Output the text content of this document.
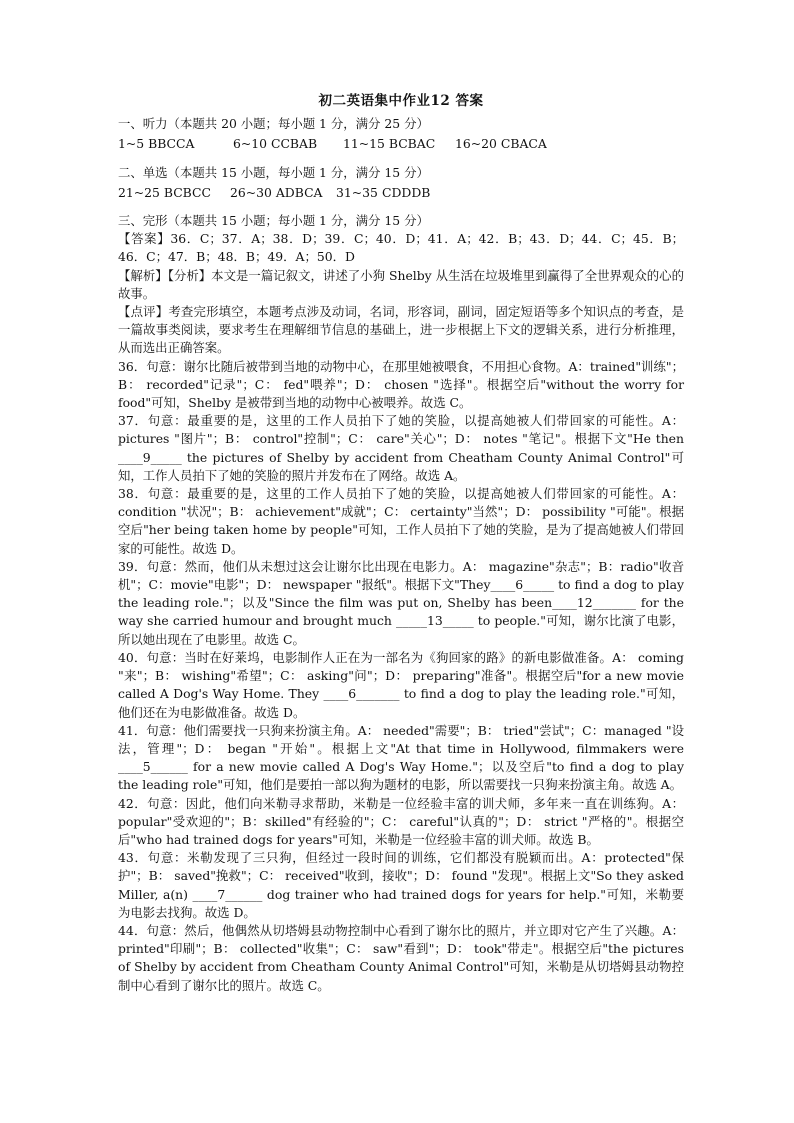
初二英语集中作业12 答案
一、听力（本题共 20 小题；每小题 1 分，满分 25 分）
1~5 BBCCA	6~10 CCBAB	11~15 BCBAC	16~20 CBACA
二、单选（本题共 15 小题，每小题 1 分，满分 15 分）
21~25 BCBCC	26~30 ADBCA	31~35 CDDDB
三、完形（本题共 15 小题；每小题 1 分，满分 15 分）

【答案】36．C；37．A；38．D；39．C；40．D；41．A；42．B；43．D；44．C；45．B；46．C；47．B；48．B；49．A；50．D

【解析】【分析】本文是一篇记叙文，讲述了小狗 Shelby 从生活在垃圾堆里到赢得了全世界观众的心的故事。

【点评】考查完形填空，本题考点涉及动词，名词，形容词，副词，固定短语等多个知识点的考查，是一篇故事类阅读，要求考生在理解细节信息的基础上，进一步根据上下文的逻辑关系，进行分析推理，从而选出正确答案。

36．句意：谢尔比随后被带到当地的动物中心，在那里她被喂食，不用担心食物。A：trained"训练"；B： recorded"记录"；C： fed"喂养"；D： chosen "选择"。根据空后"without the worry for food"可知，Shelby 是被带到当地的动物中心被喂养。故选 C。

37．句意：最重要的是，这里的工作人员拍下了她的笑脸，以提高她被人们带回家的可能性。A： pictures "图片"；B： control"控制"；C： care"关心"；D： notes "笔记"。根据下文"He then ____9_____ the pictures of Shelby by accident from Cheatham County Animal Control"可知，工作人员拍下了她的笑脸的照片并发布在了网络。故选 A。

38．句意：最重要的是，这里的工作人员拍下了她的笑脸，以提高她被人们带回家的可能性。A： condition "状况"；B： achievement"成就"；C： certainty"当然"；D： possibility "可能"。根据空后"her being taken home by people"可知，工作人员拍下了她的笑脸，是为了提高她被人们带回家的可能性。故选 D。

39．句意：然而，他们从未想过这会让谢尔比出现在电影力。A： magazine"杂志"；B：radio"收音机"；C：movie"电影"；D： newspaper "报纸"。根据下文"They____6_____ to find a dog to play the leading role."；以及"Since the film was put on, Shelby has been____12_______ for the way she carried humour and brought much _____13_____ to people."可知，谢尔比演了电影，所以她出现在了电影里。故选 C。

40．句意：当时在好莱坞，电影制作人正在为一部名为《狗回家的路》的新电影做准备。A： coming "来"；B： wishing"希望"；C： asking"问"；D： preparing"准备"。根据空后"for a new movie called A Dog's Way Home. They ____6_______ to find a dog to play the leading role."可知，他们还在为电影做准备。故选 D。

41．句意：他们需要找一只狗来扮演主角。A： needed"需要"；B： tried"尝试"；C：managed "设法，管理"；D： began "开始"。根据上文"At that time in Hollywood, filmmakers were ____5______ for a new movie called A Dog's Way Home."；以及空后"to find a dog to play the leading role"可知，他们是要拍一部以狗为题材的电影，所以需要找一只狗来扮演主角。故选 A。

42．句意：因此，他们向米勒寻求帮助，米勒是一位经验丰富的训犬师，多年来一直在训练狗。A： popular"受欢迎的"；B：skilled"有经验的"；C： careful"认真的"；D： strict "严格的"。根据空后"who had trained dogs for years"可知，米勒是一位经验丰富的训犬师。故选 B。

43．句意：米勒发现了三只狗，但经过一段时间的训练，它们都没有脱颖而出。A：protected"保护"；B： saved"挽救"；C： received"收到，接收"；D： found "发现"。根据上文"So they asked Miller, a(n) ____7______ dog trainer who had trained dogs for years for help."可知，米勒要为电影去找狗。故选 D。

44．句意：然后，他偶然从切塔姆县动物控制中心看到了谢尔比的照片，并立即对它产生了兴趣。A： printed"印刷"；B： collected"收集"；C： saw"看到"；D： took"带走"。根据空后"the pictures of Shelby by accident from Cheatham County Animal Control"可知，米勒是从切塔姆县动物控制中心看到了谢尔比的照片。故选 C。
